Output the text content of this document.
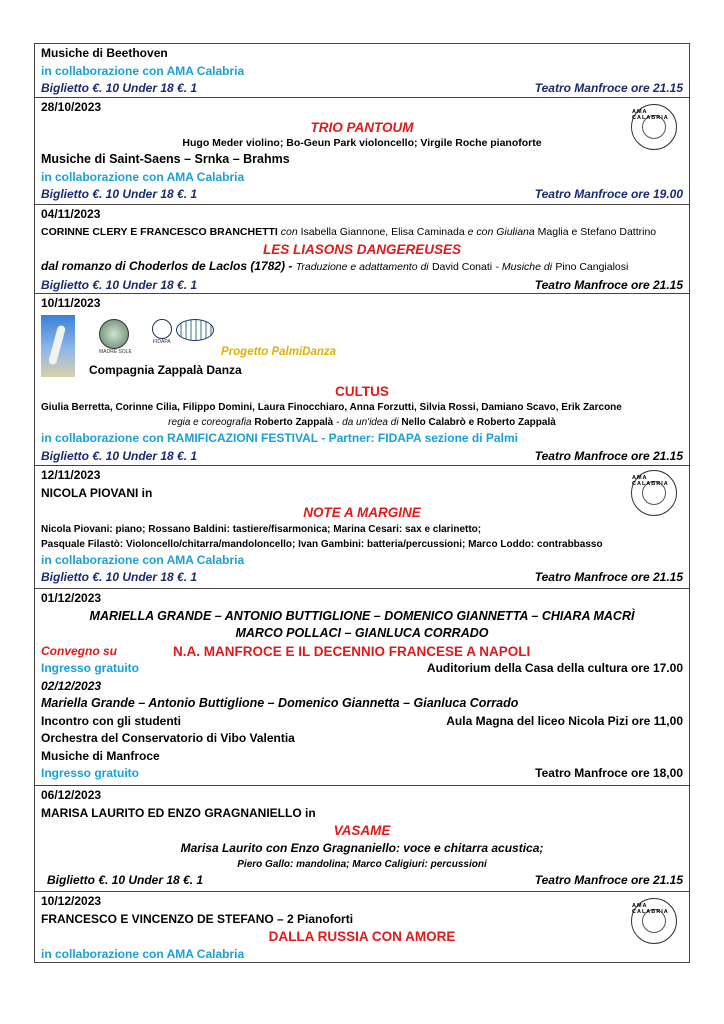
Musiche di Beethoven
in collaborazione con AMA Calabria
Biglietto €. 10 Under 18 €. 1	Teatro Manfroce ore 21.15
AMA CALABRIA
28/10/2023
TRIO PANTOUM
Hugo Meder violino; Bo-Geun Park violoncello; Virgile Roche pianoforte
Musiche di Saint-Saens – Srnka – Brahms
in collaborazione con AMA Calabria
Biglietto €. 10 Under 18 €. 1	Teatro Manfroce ore 19.00
04/11/2023
CORINNE CLERY E FRANCESCO BRANCHETTI con Isabella Giannone, Elisa Caminada e con Giuliana Maglia e Stefano Dattrino
LES LIASONS DANGEREUSES
dal romanzo di Choderlos de Laclos (1782) - Traduzione e adattamento di David Conati - Musiche di Pino Cangialosi
Biglietto €. 10 Under 18 €. 1	Teatro Manfroce ore 21.15
10/11/2023
MADRE SOLE
FIDAPA
Progetto PalmiDanza
Compagnia Zappalà Danza
CULTUS
Giulia Berretta, Corinne Cilia, Filippo Domini, Laura Finocchiaro, Anna Forzutti, Silvia Rossi, Damiano Scavo, Erik Zarcone
regia e coreografia Roberto Zappalà - da un'idea di Nello Calabrò e Roberto Zappalà
in collaborazione con RAMIFICAZIONI FESTIVAL - Partner: FIDAPA sezione di Palmi
Biglietto €. 10 Under 18 €. 1	Teatro Manfroce ore 21.15
AMA CALABRIA
12/11/2023
NICOLA PIOVANI in
NOTE A MARGINE
Nicola Piovani: piano; Rossano Baldini: tastiere/fisarmonica; Marina Cesari: sax e clarinetto;
Pasquale Filastò: Violoncello/chitarra/mandoloncello; Ivan Gambini: batteria/percussioni; Marco Loddo: contrabbasso
in collaborazione con AMA Calabria
Biglietto €. 10 Under 18 €. 1	Teatro Manfroce ore 21.15
01/12/2023
MARIELLA GRANDE – ANTONIO BUTTIGLIONE – DOMENICO GIANNETTA – CHIARA MACRÌ
MARCO POLLACI – GIANLUCA CORRADO
Convegno su	N.A. MANFROCE E IL DECENNIO FRANCESE A NAPOLI
Ingresso gratuito	Auditorium della Casa della cultura ore 17.00
02/12/2023
Mariella Grande – Antonio Buttiglione – Domenico Giannetta – Gianluca Corrado
Incontro con gli studenti	Aula Magna del liceo Nicola Pizi ore 11,00
Orchestra del Conservatorio di Vibo Valentia
Musiche di Manfroce
Ingresso gratuito	Teatro Manfroce ore 18,00
06/12/2023
MARISA LAURITO ED ENZO GRAGNANIELLO in
VASAME
Marisa Laurito con Enzo Gragnaniello: voce e chitarra acustica;
Piero Gallo: mandolina; Marco Caligiuri: percussioni
Biglietto €. 10 Under 18 €. 1	Teatro Manfroce ore 21.15
AMA CALABRIA
10/12/2023
FRANCESCO E VINCENZO DE STEFANO – 2 Pianoforti
DALLA RUSSIA CON AMORE
in collaborazione con AMA Calabria
